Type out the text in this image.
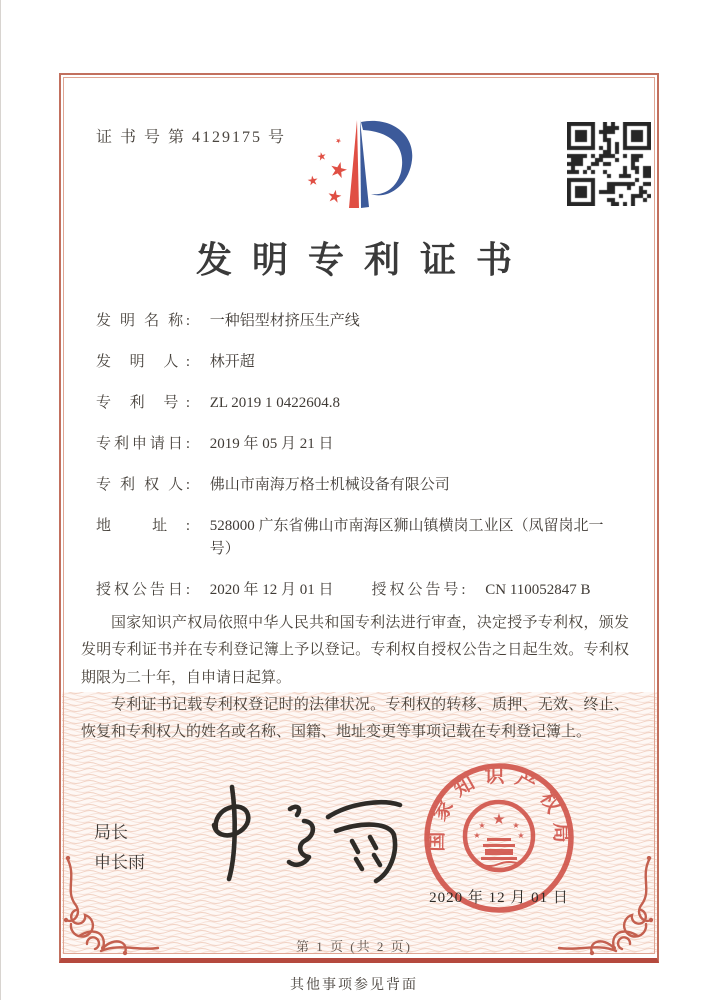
证 书 号 第 4129175 号	★
★
★
★
★
发明专利证书
发 明 名 称: 一种铝型材挤压生产线
发 明 人: 林开超
专 利 号: ZL 2019 1 0422604.8
专利申请日: 2019 年 05 月 21 日
专 利 权 人: 佛山市南海万格士机械设备有限公司
地 址: 528000 广东省佛山市南海区狮山镇横岗工业区（凤留岗北一号）
授权公告日: 2020 年 12 月 01 日	授权公告号: CN 110052847 B

国家知识产权局依照中华人民共和国专利法进行审查，决定授予专利权，颁发发明专利证书并在专利登记簿上予以登记。专利权自授权公告之日起生效。专利权期限为二十年，自申请日起算。

专利证书记载专利权登记时的法律状况。专利权的转移、质押、无效、终止、恢复和专利权人的姓名或名称、国籍、地址变更等事项记载在专利登记簿上。

局长
申长雨
国家知识产权局
★
★	★
★	★
2020 年 12 月 01 日
第 1 页 (共 2 页)
其他事项参见背面
